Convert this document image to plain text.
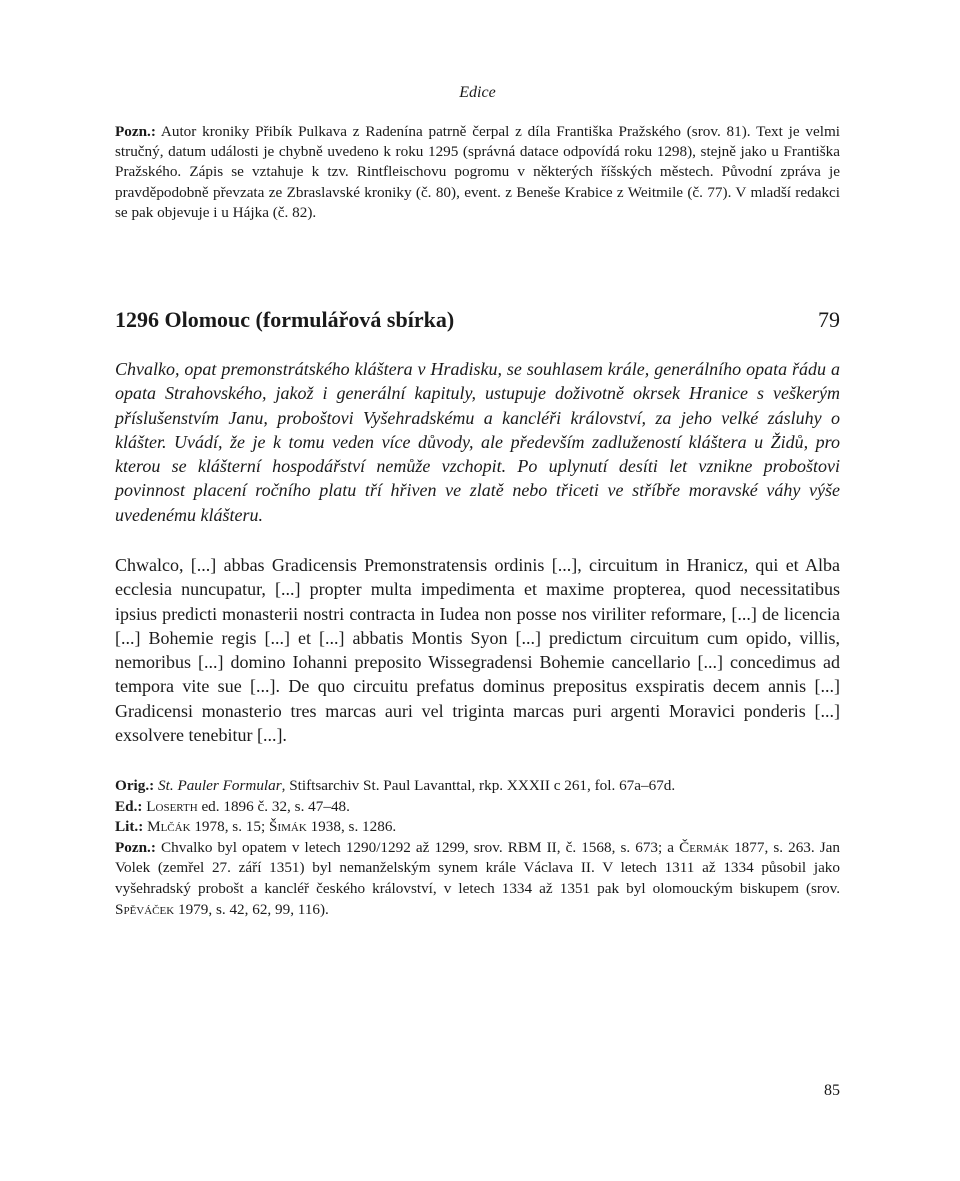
Edice
Pozn.: Autor kroniky Přibík Pulkava z Radenína patrně čerpal z díla Františka Pražského (srov. 81). Text je velmi stručný, datum události je chybně uvedeno k roku 1295 (správná datace odpovídá roku 1298), stejně jako u Františka Pražského. Zápis se vztahuje k tzv. Rintfleischovu pogromu v některých říšských městech. Původní zpráva je pravděpodobně převzata ze Zbraslavské kroniky (č. 80), event. z Beneše Krabice z Weitmile (č. 77). V mladší redakci se pak objevuje i u Hájka (č. 82).
1296 Olomouc (formulářová sbírka)	79
Chvalko, opat premonstrátského kláštera v Hradisku, se souhlasem krále, generálního opata řádu a opata Strahovského, jakož i generální kapituly, ustupuje doživotně okrsek Hranice s veškerým příslušenstvím Janu, proboštovi Vyšehradskému a kancléři království, za jeho velké zásluhy o klášter. Uvádí, že je k tomu veden více důvody, ale především zadlužeností kláštera u Židů, pro kterou se klášterní hospodářství nemůže vzchopit. Po uplynutí desíti let vznikne proboštovi povinnost placení ročního platu tří hřiven ve zlatě nebo třiceti ve stříbře moravské váhy výše uvedenému klášteru.
Chwalco, [...] abbas Gradicensis Premonstratensis ordinis [...], circuitum in Hranicz, qui et Alba ecclesia nuncupatur, [...] propter multa impedimenta et maxime propterea, quod necessitatibus ipsius predicti monasterii nostri contracta in Iudea non posse nos viriliter reformare, [...] de licencia [...] Bohemie regis [...] et [...] abbatis Montis Syon [...] predictum circuitum cum opido, villis, nemoribus [...] domino Iohanni preposito Wissegradensi Bohemie cancellario [...] concedimus ad tempora vite sue [...]. De quo circuitu prefatus dominus prepositus exspiratis decem annis [...] Gradicensi monasterio tres marcas auri vel triginta marcas puri argenti Moravici ponderis [...] exsolvere tenebitur [...].
Orig.: St. Pauler Formular, Stiftsarchiv St. Paul Lavanttal, rkp. XXXII c 261, fol. 67a–67d.
Ed.: Loserth ed. 1896 č. 32, s. 47–48.
Lit.: Mlčák 1978, s. 15; Šimák 1938, s. 1286.
Pozn.: Chvalko byl opatem v letech 1290/1292 až 1299, srov. RBM II, č. 1568, s. 673; a Čermák 1877, s. 263. Jan Volek (zemřel 27. září 1351) byl nemanželským synem krále Václava II. V letech 1311 až 1334 působil jako vyšehradský probošt a kancléř českého království, v letech 1334 až 1351 pak byl olomouckým biskupem (srov. Spěváček 1979, s. 42, 62, 99, 116).
85
